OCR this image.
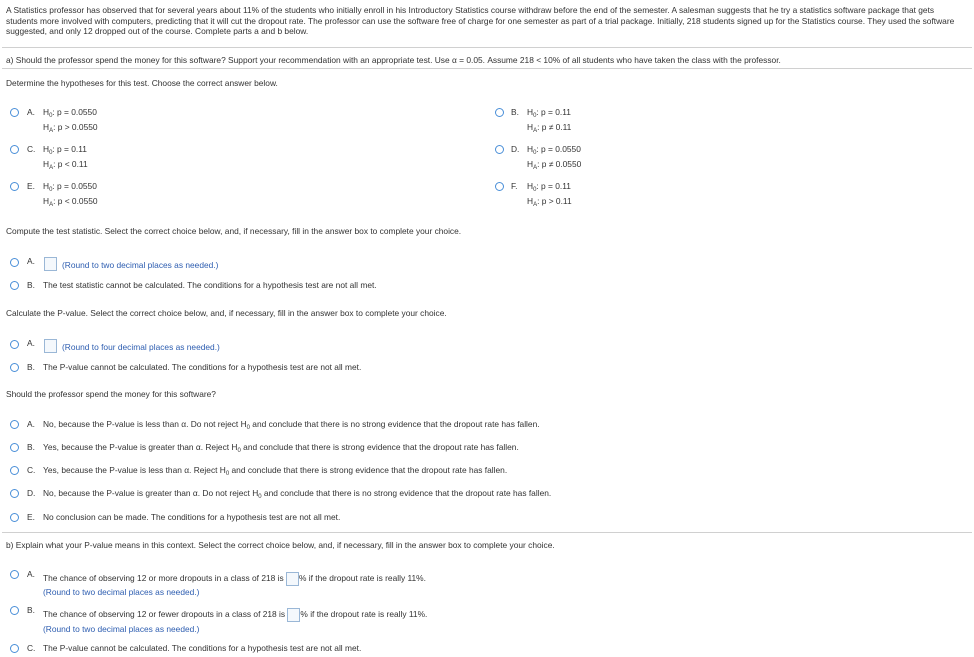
A Statistics professor has observed that for several years about 11% of the students who initially enroll in his Introductory Statistics course withdraw before the end of the semester. A salesman suggests that he try a statistics software package that gets students more involved with computers, predicting that it will cut the dropout rate. The professor can use the software free of charge for one semester as part of a trial package. Initially, 218 students signed up for the Statistics course. They used the software suggested, and only 12 dropped out of the course. Complete parts a and b below.
a) Should the professor spend the money for this software? Support your recommendation with an appropriate test. Use α = 0.05. Assume 218 < 10% of all students who have taken the class with the professor.
Determine the hypotheses for this test. Choose the correct answer below.
A. $H_0$: p = 0.0550
$H_A$: p > 0.0550
B. $H_0$: p = 0.11
$H_A$: p ≠ 0.11
C. $H_0$: p = 0.11
$H_A$: p < 0.11
D. $H_0$: p = 0.0550
$H_A$: p ≠ 0.0550
E. $H_0$: p = 0.0550
$H_A$: p < 0.0550
F. $H_0$: p = 0.11
$H_A$: p > 0.11
Compute the test statistic. Select the correct choice below, and, if necessary, fill in the answer box to complete your choice.
A.	(Round to two decimal places as needed.)
B. The test statistic cannot be calculated. The conditions for a hypothesis test are not all met.
Calculate the P-value. Select the correct choice below, and, if necessary, fill in the answer box to complete your choice.
A.	(Round to four decimal places as needed.)
B. The P-value cannot be calculated. The conditions for a hypothesis test are not all met.
Should the professor spend the money for this software?
A. No, because the P-value is less than α. Do not reject $H_0$ and conclude that there is no strong evidence that the dropout rate has fallen.
B. Yes, because the P-value is greater than α. Reject $H_0$ and conclude that there is strong evidence that the dropout rate has fallen.
C. Yes, because the P-value is less than α. Reject $H_0$ and conclude that there is strong evidence that the dropout rate has fallen.
D. No, because the P-value is greater than α. Do not reject $H_0$ and conclude that there is no strong evidence that the dropout rate has fallen.
E. No conclusion can be made. The conditions for a hypothesis test are not all met.
b) Explain what your P-value means in this context. Select the correct choice below, and, if necessary, fill in the answer box to complete your choice.
A. The chance of observing 12 or more dropouts in a class of 218 is % if the dropout rate is really 11%.
(Round to two decimal places as needed.)
B. The chance of observing 12 or fewer dropouts in a class of 218 is % if the dropout rate is really 11%.
(Round to two decimal places as needed.)
C. The P-value cannot be calculated. The conditions for a hypothesis test are not all met.
